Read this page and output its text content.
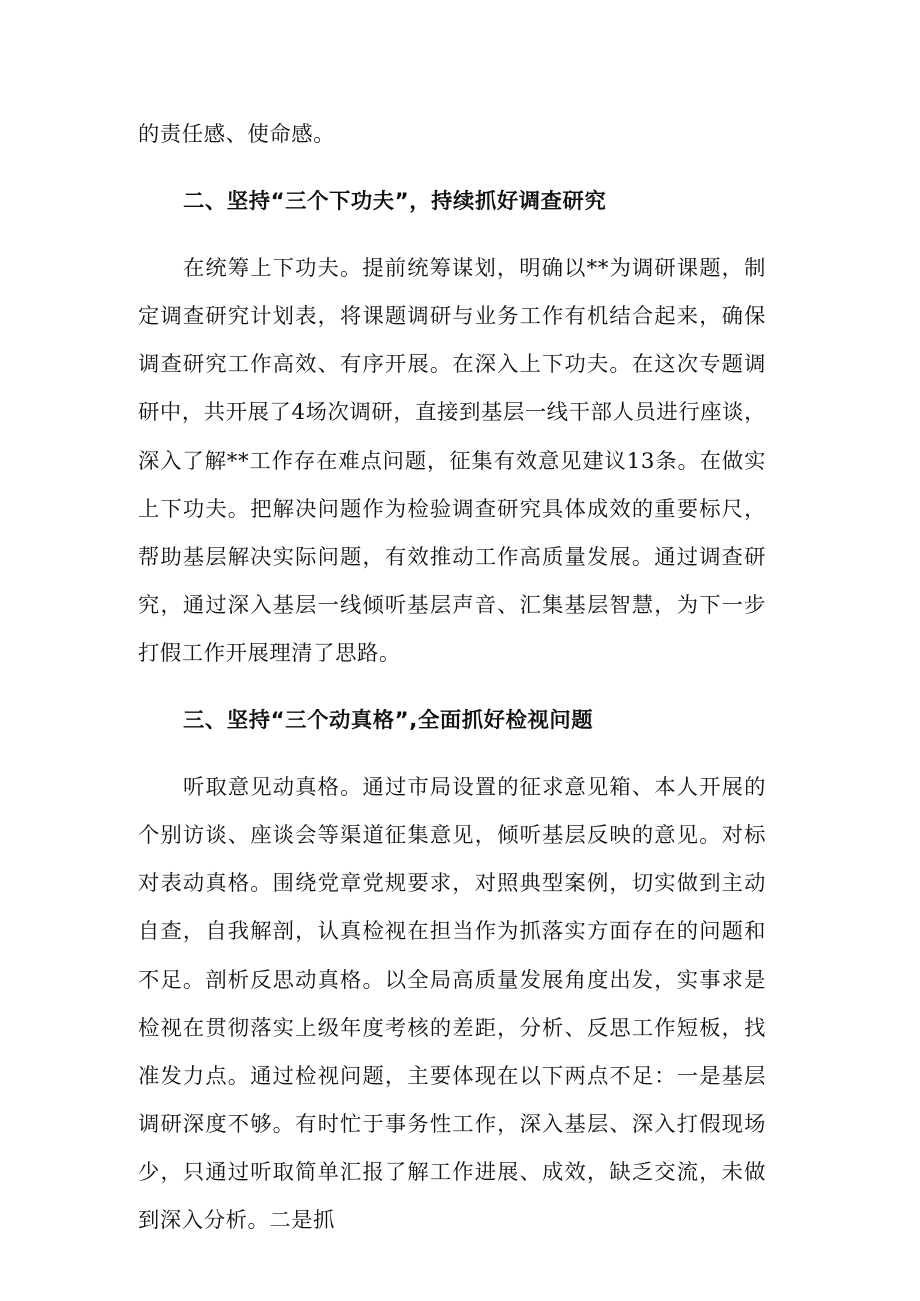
的责任感、使命感。

二、坚持“三个下功夫”，持续抓好调查研究

在统筹上下功夫。提前统筹谋划，明确以**为调研课题，制定调查研究计划表，将课题调研与业务工作有机结合起来，确保调查研究工作高效、有序开展。在深入上下功夫。在这次专题调研中，共开展了4场次调研，直接到基层一线干部人员进行座谈，深入了解**工作存在难点问题，征集有效意见建议13条。在做实上下功夫。把解决问题作为检验调查研究具体成效的重要标尺，帮助基层解决实际问题，有效推动工作高质量发展。通过调查研究，通过深入基层一线倾听基层声音、汇集基层智慧，为下一步打假工作开展理清了思路。

三、坚持“三个动真格”,全面抓好检视问题

听取意见动真格。通过市局设置的征求意见箱、本人开展的个别访谈、座谈会等渠道征集意见，倾听基层反映的意见。对标对表动真格。围绕党章党规要求，对照典型案例，切实做到主动自查，自我解剖，认真检视在担当作为抓落实方面存在的问题和不足。剖析反思动真格。以全局高质量发展角度出发，实事求是检视在贯彻落实上级年度考核的差距，分析、反思工作短板，找准发力点。通过检视问题，主要体现在以下两点不足：一是基层调研深度不够。有时忙于事务性工作，深入基层、深入打假现场少，只通过听取简单汇报了解工作进展、成效，缺乏交流，未做到深入分析。二是抓
